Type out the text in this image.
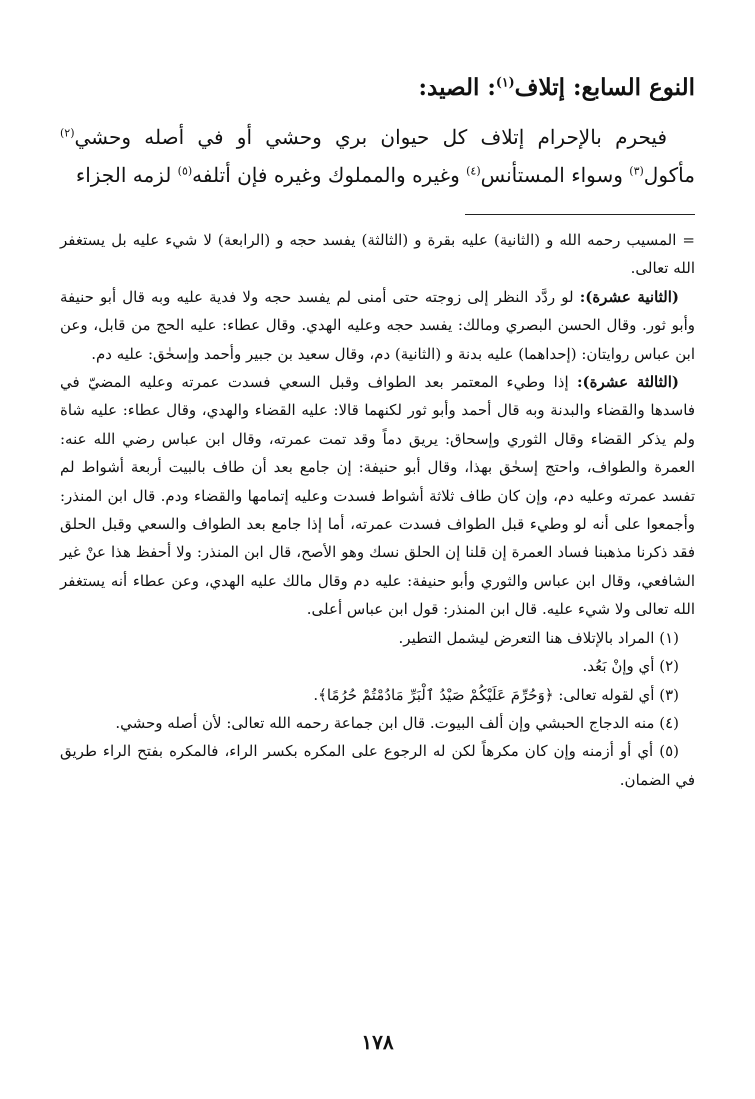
النوع السابع: إتلاف$^{(١)}$: الصيد:

فيحرم بالإحرام إتلاف كل حيوان بري وحشي أو في أصله وحشي$^{(٢)}$ مأكول$^{(٣)}$ وسواء المستأنس$^{(٤)}$ وغيره والمملوك وغيره فإن أتلفه$^{(٥)}$ لزمه الجزاء

= المسيب رحمه الله و (الثانية) عليه بقرة و (الثالثة) يفسد حجه و (الرابعة) لا شيء عليه بل يستغفر الله تعالى.

(الثانية عشرة): لو ردَّد النظر إلى زوجته حتى أمنى لم يفسد حجه ولا فدية عليه وبه قال أبو حنيفة وأبو ثور. وقال الحسن البصري ومالك: يفسد حجه وعليه الهدي. وقال عطاء: عليه الحج من قابل، وعن ابن عباس روايتان: (إحداهما) عليه بدنة و (الثانية) دم، وقال سعيد بن جبير وأحمد وإسحٰق: عليه دم.

(الثالثة عشرة): إذا وطيء المعتمر بعد الطواف وقبل السعي فسدت عمرته وعليه المضيّ في فاسدها والقضاء والبدنة وبه قال أحمد وأبو ثور لكنهما قالا: عليه القضاء والهدي، وقال عطاء: عليه شاة ولم يذكر القضاء وقال الثوري وإسحاق: يريق دماً وقد تمت عمرته، وقال ابن عباس رضي الله عنه: العمرة والطواف، واحتج إسحٰق بهذا، وقال أبو حنيفة: إن جامع بعد أن طاف بالبيت أربعة أشواط لم تفسد عمرته وعليه دم، وإن كان طاف ثلاثة أشواط فسدت وعليه إتمامها والقضاء ودم. قال ابن المنذر: وأجمعوا على أنه لو وطيء قبل الطواف فسدت عمرته، أما إذا جامع بعد الطواف والسعي وقبل الحلق فقد ذكرنا مذهبنا فساد العمرة إن قلنا إن الحلق نسك وهو الأصح، قال ابن المنذر: ولا أحفظ هذا عنْ غير الشافعي، وقال ابن عباس والثوري وأبو حنيفة: عليه دم وقال مالك عليه الهدي، وعن عطاء أنه يستغفر الله تعالى ولا شيء عليه. قال ابن المنذر: قول ابن عباس أعلى.

(١) المراد بالإتلاف هنا التعرض ليشمل التطير.

(٢) أي وإنْ بَعُد.

(٣) أي لقوله تعالى: ﴿وَحُرِّمَ عَلَيْكُمْ صَيْدُ ٱلْبَرِّ مَادُمْتُمْ حُرُمًا﴾.

(٤) منه الدجاج الحبشي وإن ألف البيوت. قال ابن جماعة رحمه الله تعالى: لأن أصله وحشي.

(٥) أي أو أزمنه وإن كان مكرهاً لكن له الرجوع على المكره بكسر الراء، فالمكره بفتح الراء طريق في الضمان.

١٧٨
